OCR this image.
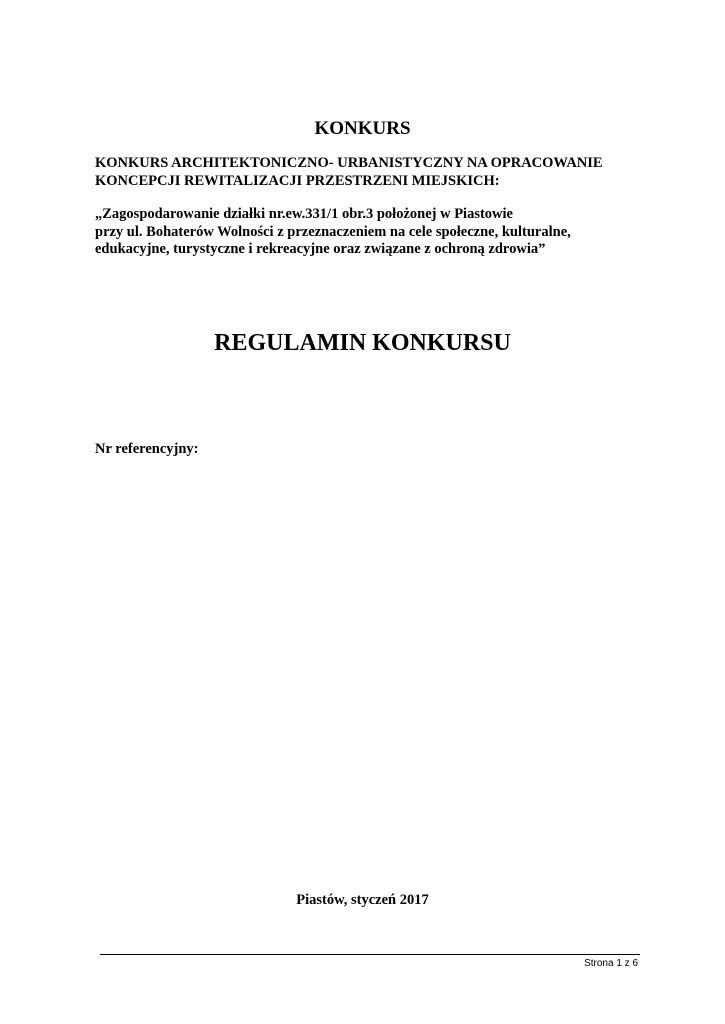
KONKURS
KONKURS ARCHITEKTONICZNO- URBANISTYCZNY NA OPRACOWANIE
KONCEPCJI REWITALIZACJI PRZESTRZENI MIEJSKICH:
„Zagospodarowanie działki nr.ew.331/1 obr.3 położonej w Piastowie
przy ul. Bohaterów Wolności z przeznaczeniem na cele społeczne, kulturalne,
edukacyjne, turystyczne i rekreacyjne oraz związane z ochroną zdrowia”
REGULAMIN KONKURSU
Nr referencyjny:
Piastów, styczeń 2017
Strona 1 z 6
